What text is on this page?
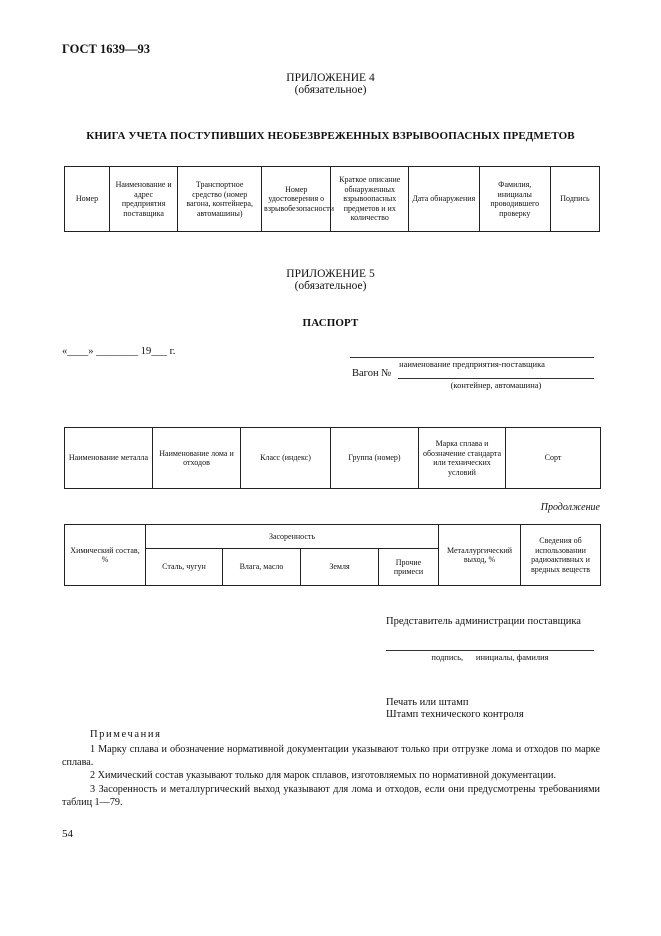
ГОСТ 1639—93
ПРИЛОЖЕНИЕ 4
(обязательное)
КНИГА УЧЕТА ПОСТУПИВШИХ НЕОБЕЗВРЕЖЕННЫХ ВЗРЫВООПАСНЫХ ПРЕДМЕТОВ
Номер	Наименование и адрес предприятия поставщика	Транспортное средство (номер вагона, контейнера, автомашины)	Номер удостоверения о взрывобезопасности	Краткое описание обнаруженных взрывоопасных предметов и их количество	Дата обнаружения	Фамилия, инициалы проводившего проверку	Подпись
ПРИЛОЖЕНИЕ 5
(обязательное)
ПАСПОРТ
«____» ________ 19___ г.
наименование предприятия-поставщика
Вагон №
(контейнер, автомашина)
Наименование металла	Наименование лома и отходов	Класс (индекс)	Группа (номер)	Марка сплава и обозначение стандарта или технических условий	Сорт
Продолжение
Химический состав, %	Засоренность				Металлургический выход, %	Сведения об использовании радиоактивных и вредных веществ
	Сталь, чугун	Влага, масло	Земля	Прочие примеси		
Представитель администрации поставщика
подпись,      инициалы, фамилия
Печать или штамп
Штамп технического контроля
Примечания
1 Марку сплава и обозначение нормативной документации указывают только при отгрузке лома и отходов по марке сплава.
2 Химический состав указывают только для марок сплавов, изготовляемых по нормативной документации.
3 Засоренность и металлургический выход указывают для лома и отходов, если они предусмотрены требованиями таблиц 1—79.
54
